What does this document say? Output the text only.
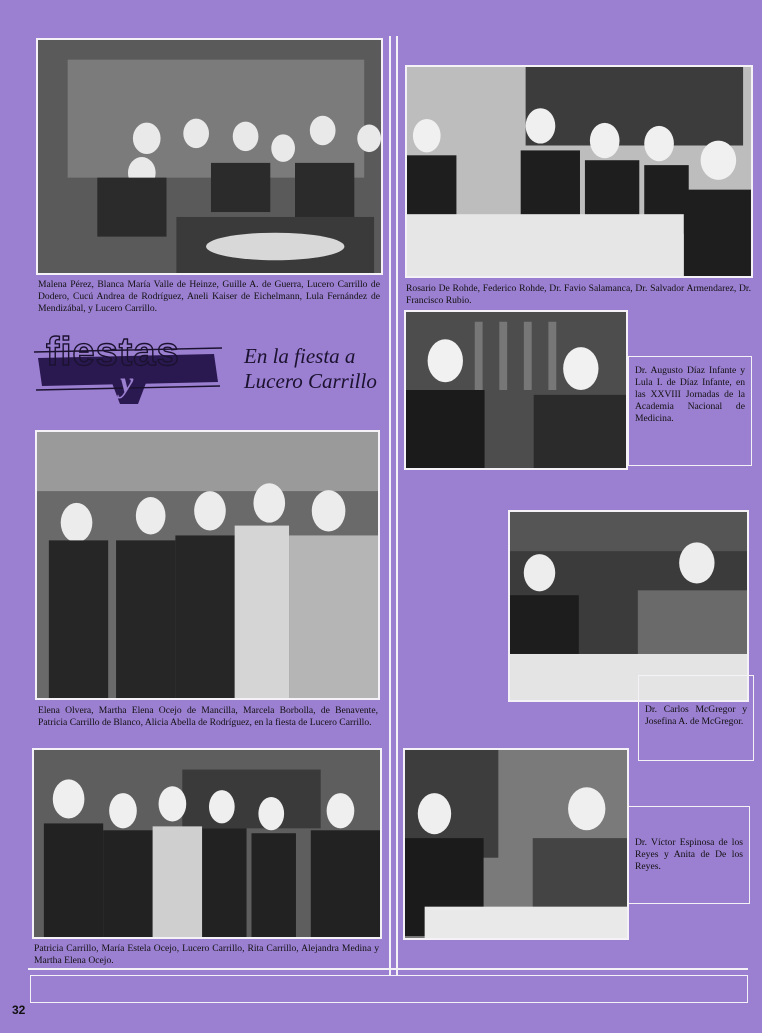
Malena Pérez, Blanca María Valle de Heinze, Guille A. de Guerra, Lucero Carrillo de Dodero, Cucú Andrea de Rodríguez, Aneli Kaiser de Eichelmann, Lula Fernández de Mendizábal, y Lucero Carrillo.
Rosario De Rohde, Federico Rohde, Dr. Favio Salamanca, Dr. Salvador Armendarez, Dr. Francisco Rubio.
fiestas
y
En la fiesta a
Lucero Carrillo	Dr. Augusto Díaz Infante y Lula I. de Díaz Infante, en las XXVIII Jornadas de la Academia Nacional de Medicina.
Elena Olvera, Martha Elena Ocejo de Mancilla, Marcela Borbolla, de Benavente, Patricia Carrillo de Blanco, Alicia Abella de Rodríguez, en la fiesta de Lucero Carrillo.
Dr. Carlos McGregor y Josefina A. de McGregor.
Patricia Carrillo, María Estela Ocejo, Lucero Carrillo, Rita Carrillo, Alejandra Medina y Martha Elena Ocejo.
Dr. Víctor Espinosa de los Reyes y Anita de De los Reyes.
32
